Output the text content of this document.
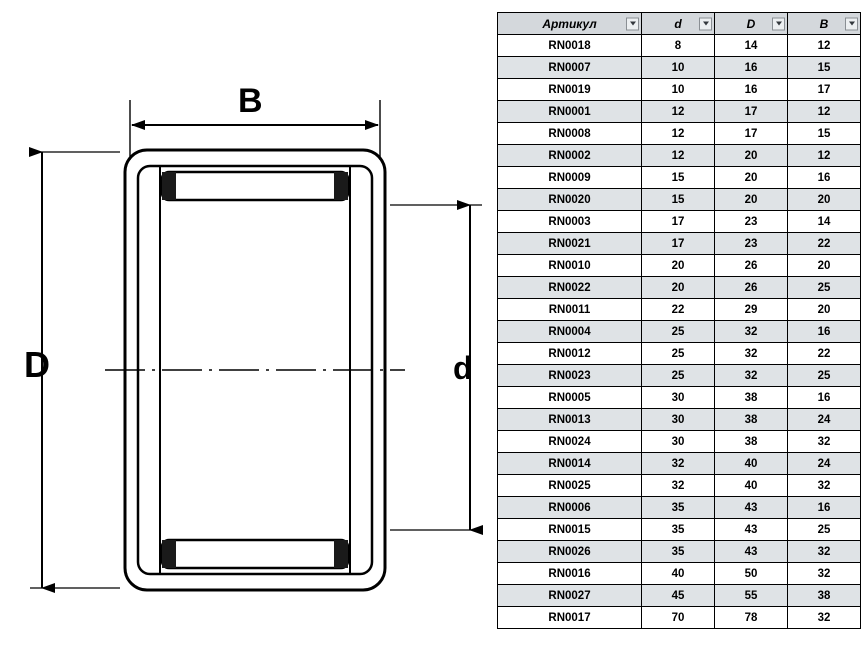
B
D	d
Артикул	d	D	B

RN0018	8	14	12
RN0007	10	16	15
RN0019	10	16	17
RN0001	12	17	12
RN0008	12	17	15
RN0002	12	20	12
RN0009	15	20	16
RN0020	15	20	20
RN0003	17	23	14
RN0021	17	23	22
RN0010	20	26	20
RN0022	20	26	25
RN0011	22	29	20
RN0004	25	32	16
RN0012	25	32	22
RN0023	25	32	25
RN0005	30	38	16
RN0013	30	38	24
RN0024	30	38	32
RN0014	32	40	24
RN0025	32	40	32
RN0006	35	43	16
RN0015	35	43	25
RN0026	35	43	32
RN0016	40	50	32
RN0027	45	55	38
RN0017	70	78	32
